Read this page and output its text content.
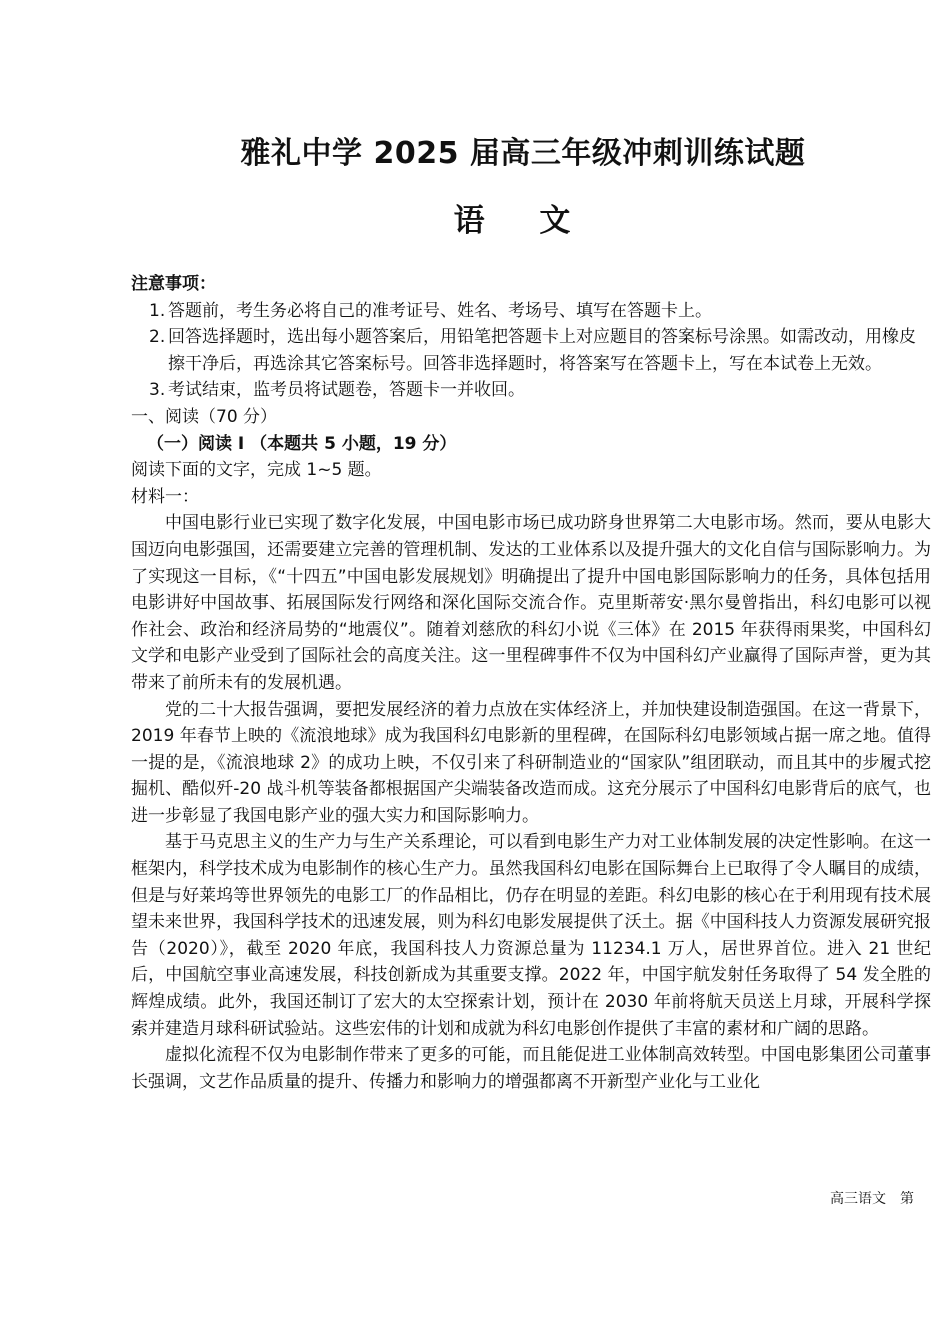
雅礼中学 2025 届高三年级冲刺训练试题
语 文

注意事项：

1. 答题前，考生务必将自己的准考证号、姓名、考场号、填写在答题卡上。
2. 回答选择题时，选出每小题答案后，用铅笔把答题卡上对应题目的答案标号涂黑。如需改动，用橡皮擦干净后，再选涂其它答案标号。回答非选择题时，将答案写在答题卡上，写在本试卷上无效。
3. 考试结束，监考员将试题卷，答题卡一并收回。

一、阅读（70 分）

（一）阅读 I （本题共 5 小题，19 分）

阅读下面的文字，完成 1~5 题。

材料一：

中国电影行业已实现了数字化发展，中国电影市场已成功跻身世界第二大电影市场。然而，要从电影大国迈向电影强国，还需要建立完善的管理机制、发达的工业体系以及提升强大的文化自信与国际影响力。为了实现这一目标，《“十四五”中国电影发展规划》明确提出了提升中国电影国际影响力的任务，具体包括用电影讲好中国故事、拓展国际发行网络和深化国际交流合作。克里斯蒂安·黑尔曼曾指出，科幻电影可以视作社会、政治和经济局势的“地震仪”。随着刘慈欣的科幻小说《三体》在 2015 年获得雨果奖，中国科幻文学和电影产业受到了国际社会的高度关注。这一里程碑事件不仅为中国科幻产业赢得了国际声誉，更为其带来了前所未有的发展机遇。

党的二十大报告强调，要把发展经济的着力点放在实体经济上，并加快建设制造强国。在这一背景下，2019 年春节上映的《流浪地球》成为我国科幻电影新的里程碑，在国际科幻电影领域占据一席之地。值得一提的是，《流浪地球 2》的成功上映，不仅引来了科研制造业的“国家队”组团联动，而且其中的步履式挖掘机、酷似歼-20 战斗机等装备都根据国产尖端装备改造而成。这充分展示了中国科幻电影背后的底气，也进一步彰显了我国电影产业的强大实力和国际影响力。

基于马克思主义的生产力与生产关系理论，可以看到电影生产力对工业体制发展的决定性影响。在这一框架内，科学技术成为电影制作的核心生产力。虽然我国科幻电影在国际舞台上已取得了令人瞩目的成绩，但是与好莱坞等世界领先的电影工厂的作品相比，仍存在明显的差距。科幻电影的核心在于利用现有技术展望未来世界，我国科学技术的迅速发展，则为科幻电影发展提供了沃土。据《中国科技人力资源发展研究报告（2020）》，截至 2020 年底，我国科技人力资源总量为 11234.1 万人，居世界首位。进入 21 世纪后，中国航空事业高速发展，科技创新成为其重要支撑。2022 年，中国宇航发射任务取得了 54 发全胜的辉煌成绩。此外，我国还制订了宏大的太空探索计划，预计在 2030 年前将航天员送上月球，开展科学探索并建造月球科研试验站。这些宏伟的计划和成就为科幻电影创作提供了丰富的素材和广阔的思路。

虚拟化流程不仅为电影制作带来了更多的可能，而且能促进工业体制高效转型。中国电影集团公司董事长强调，文艺作品质量的提升、传播力和影响力的增强都离不开新型产业化与工业化

高三语文　第
